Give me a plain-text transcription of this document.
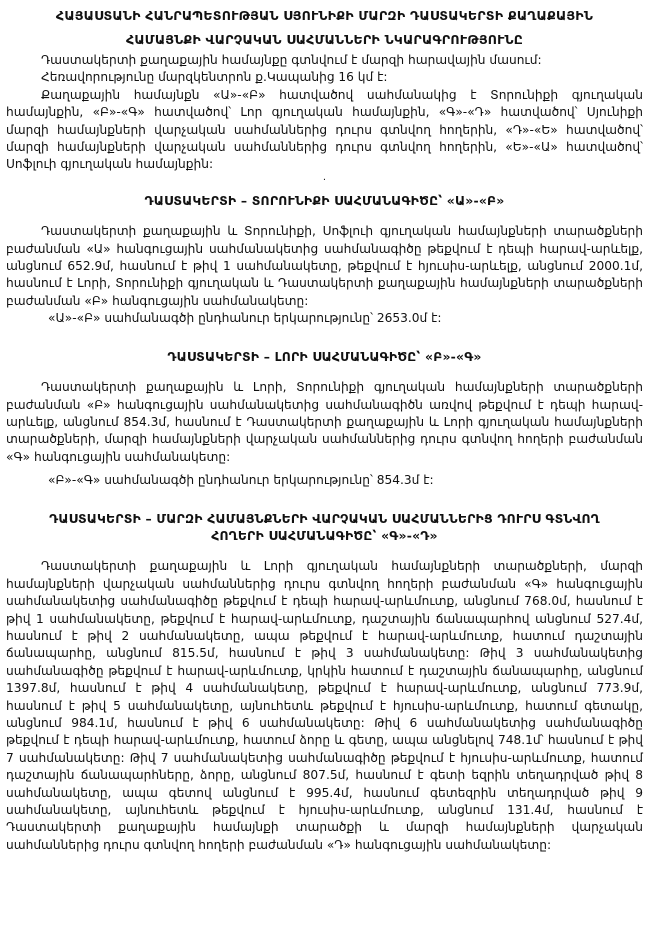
ՀԱՅԱՍՏԱՆԻ ՀԱՆՐԱՊԵՏՈՒԹՅԱՆ ՍՅՈՒՆԻՔԻ ՄԱՐԶԻ ԴԱՍՏԱԿԵՐՏԻ ՔԱՂԱՔԱՅԻՆ
ՀԱՄԱՅՆՔԻ ՎԱՐՉԱԿԱՆ ՍԱՀՄԱՆՆԵՐԻ ՆԿԱՐԱԳՐՈՒԹՅՈՒՆԸ

Դաստակերտի քաղաքային համայնքը գտնվում է մարզի հարավային մասում:

Հեռավորությունը մարզկենտրոն ք.Կապանից 16 կմ է:

Քաղաքային համայնքն «Ա»-«Բ» հատվածով սահմանակից է Տորունիքի գյուղական համայնքին, «Բ»-«Գ» հատվածով՝ Լոր գյուղական համայնքին, «Գ»-«Դ» հատվածով՝ Սյունիքի մարզի համայնքների վարչական սահմաններից դուրս գտնվող հողերին, «Դ»-«Ե» հատվածով՝ մարզի համայնքների վարչական սահմաններից դուրս գտնվող հողերին, «Ե»-«Ա» հատվածով՝ Սոֆլուի գյուղական համայնքին:

·
ԴԱՍՏԱԿԵՐՏԻ – ՏՈՐՈՒՆԻՔԻ ՍԱՀՄԱՆԱԳԻԾԸ՝ «Ա»-«Բ»

Դաստակերտի քաղաքային և Տորունիքի, Սոֆլուի գյուղական համայնքների տարածքների բաժանման «Ա» հանգուցային սահմանակետից սահմանագիծը թեքվում է դեպի հարավ-արևելք, անցնում 652.9մ, հասնում է թիվ 1 սահմանակետը, թեքվում է հյուսիս-արևելք, անցնում 2000.1մ, հասնում է Լորի, Տորունիքի գյուղական և Դաստակերտի քաղաքային համայնքների տարածքների բաժանման «Բ» հանգուցային սահմանակետը:

«Ա»-«Բ» սահմանագծի ընդհանուր երկարությունը՝ 2653.0մ է:

ԴԱՍՏԱԿԵՐՏԻ – ԼՈՐԻ ՍԱՀՄԱՆԱԳԻԾԸ՝ «Բ»-«Գ»

Դաստակերտի քաղաքային և Լորի, Տորունիքի գյուղական համայնքների տարածքների բաժանման «Բ» հանգուցային սահմանակետից սահմանագիծն առվով թեքվում է դեպի հարավ-արևելք, անցնում 854.3մ, հասնում է Դաստակերտի քաղաքային և Լորի գյուղական համայնքների տարածքների, մարզի համայնքների վարչական սահմաններից դուրս գտնվող հողերի բաժանման «Գ» հանգուցային սահմանակետը:

«Բ»-«Գ» սահմանագծի ընդհանուր երկարությունը՝ 854.3մ է:

ԴԱՍՏԱԿԵՐՏԻ – ՄԱՐԶԻ ՀԱՄԱՅՆՔՆԵՐԻ ՎԱՐՉԱԿԱՆ ՍԱՀՄԱՆՆԵՐԻՑ ԴՈՒՐՍ ԳՏՆՎՈՂ
ՀՈՂԵՐԻ ՍԱՀՄԱՆԱԳԻԾԸ՝ «Գ»-«Դ»

Դաստակերտի քաղաքային և Լորի գյուղական համայնքների տարածքների, մարզի համայնքների վարչական սահմաններից դուրս գտնվող հողերի բաժանման «Գ» հանգուցային սահմանակետից սահմանագիծը թեքվում է դեպի հարավ-արևմուտք, անցնում 768.0մ, հասնում է թիվ 1 սահմանակետը, թեքվում է հարավ-արևմուտք, դաշտային ճանապարհով անցնում 527.4մ, հասնում է թիվ 2 սահմանակետը, ապա թեքվում է հարավ-արևմուտք, հատում դաշտային ճանապարհը, անցնում 815.5մ, հասնում է թիվ 3 սահմանակետը: Թիվ 3 սահմանակետից սահմանագիծը թեքվում է հարավ-արևմուտք, կրկին հատում է դաշտային ճանապարհը, անցնում 1397.8մ, հասնում է թիվ 4 սահմանակետը, թեքվում է հարավ-արևմուտք, անցնում 773.9մ, հասնում է թիվ 5 սահմանակետը, այնուհետև թեքվում է հյուսիս-արևմուտք, հատում գետակը, անցնում 984.1մ, հասնում է թիվ 6 սահմանակետը: Թիվ 6 սահմանակետից սահմանագիծը թեքվում է դեպի հարավ-արևմուտք, հատում ձորը և գետը, ապա անցնելով 748.1մ՝ հասնում է թիվ 7 սահմանակետը: Թիվ 7 սահմանակետից սահմանագիծը թեքվում է հյուսիս-արևմուտք, հատում դաշտային ճանապարհները, ձորը, անցնում 807.5մ, հասնում է գետի եզրին տեղադրված թիվ 8 սահմանակետը, ապա գետով անցնում է 995.4մ, հասնում գետեզրին տեղադրված թիվ 9 սահմանակետը, այնուհետև թեքվում է հյուսիս-արևմուտք, անցնում 131.4մ, հասնում է Դաստակերտի քաղաքային համայնքի տարածքի և մարզի համայնքների վարչական սահմաններից դուրս գտնվող հողերի բաժանման «Դ» հանգուցային սահմանակետը:
